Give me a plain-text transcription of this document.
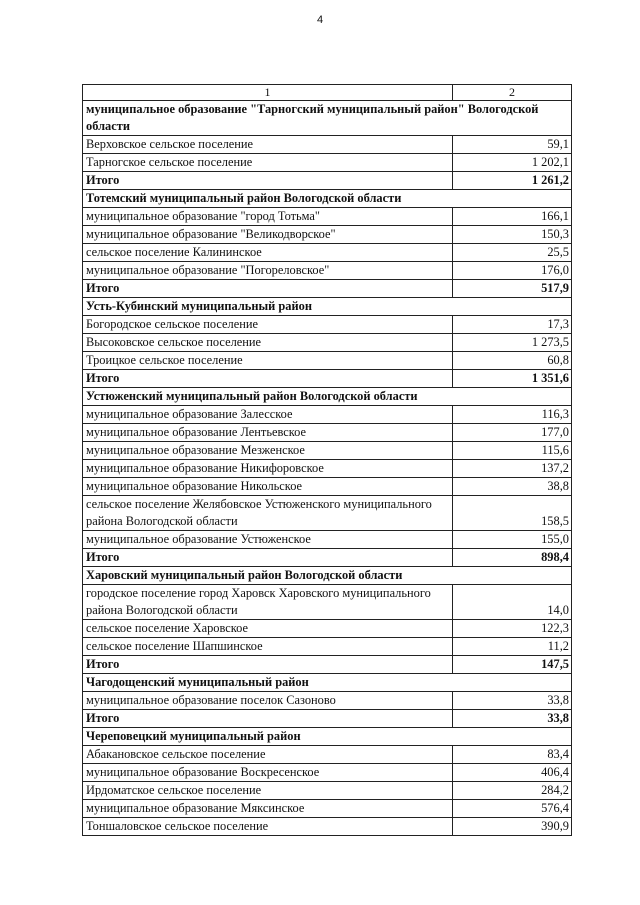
4
1	2
муниципальное образование "Тарногский муниципальный район" Вологодской области	
Верховское сельское поселение	59,1
Тарногское сельское поселение	1 202,1
Итого	1 261,2
Тотемский муниципальный район Вологодской области	
муниципальное образование "город Тотьма"	166,1
муниципальное образование "Великодворское"	150,3
сельское поселение Калининское	25,5
муниципальное образование "Погореловское"	176,0
Итого	517,9
Усть-Кубинский муниципальный район	
Богородское сельское поселение	17,3
Высоковское сельское поселение	1 273,5
Троицкое сельское поселение	60,8
Итого	1 351,6
Устюженский муниципальный район Вологодской области	
муниципальное образование Залесское	116,3
муниципальное образование Лентьевское	177,0
муниципальное образование Мезженское	115,6
муниципальное образование Никифоровское	137,2
муниципальное образование Никольское	38,8
сельское поселение Желябовское Устюженского муниципального района Вологодской области	158,5
муниципальное образование Устюженское	155,0
Итого	898,4
Харовский муниципальный район Вологодской области	
городское поселение город Харовск Харовского муниципального района Вологодской области	14,0
сельское поселение Харовское	122,3
сельское поселение Шапшинское	11,2
Итого	147,5
Чагодощенский муниципальный район	
муниципальное образование поселок Сазоново	33,8
Итого	33,8
Череповецкий муниципальный район	
Абакановское сельское поселение	83,4
муниципальное образование Воскресенское	406,4
Ирдоматское сельское поселение	284,2
муниципальное образование Мяксинское	576,4
Тоншаловское сельское поселение	390,9
